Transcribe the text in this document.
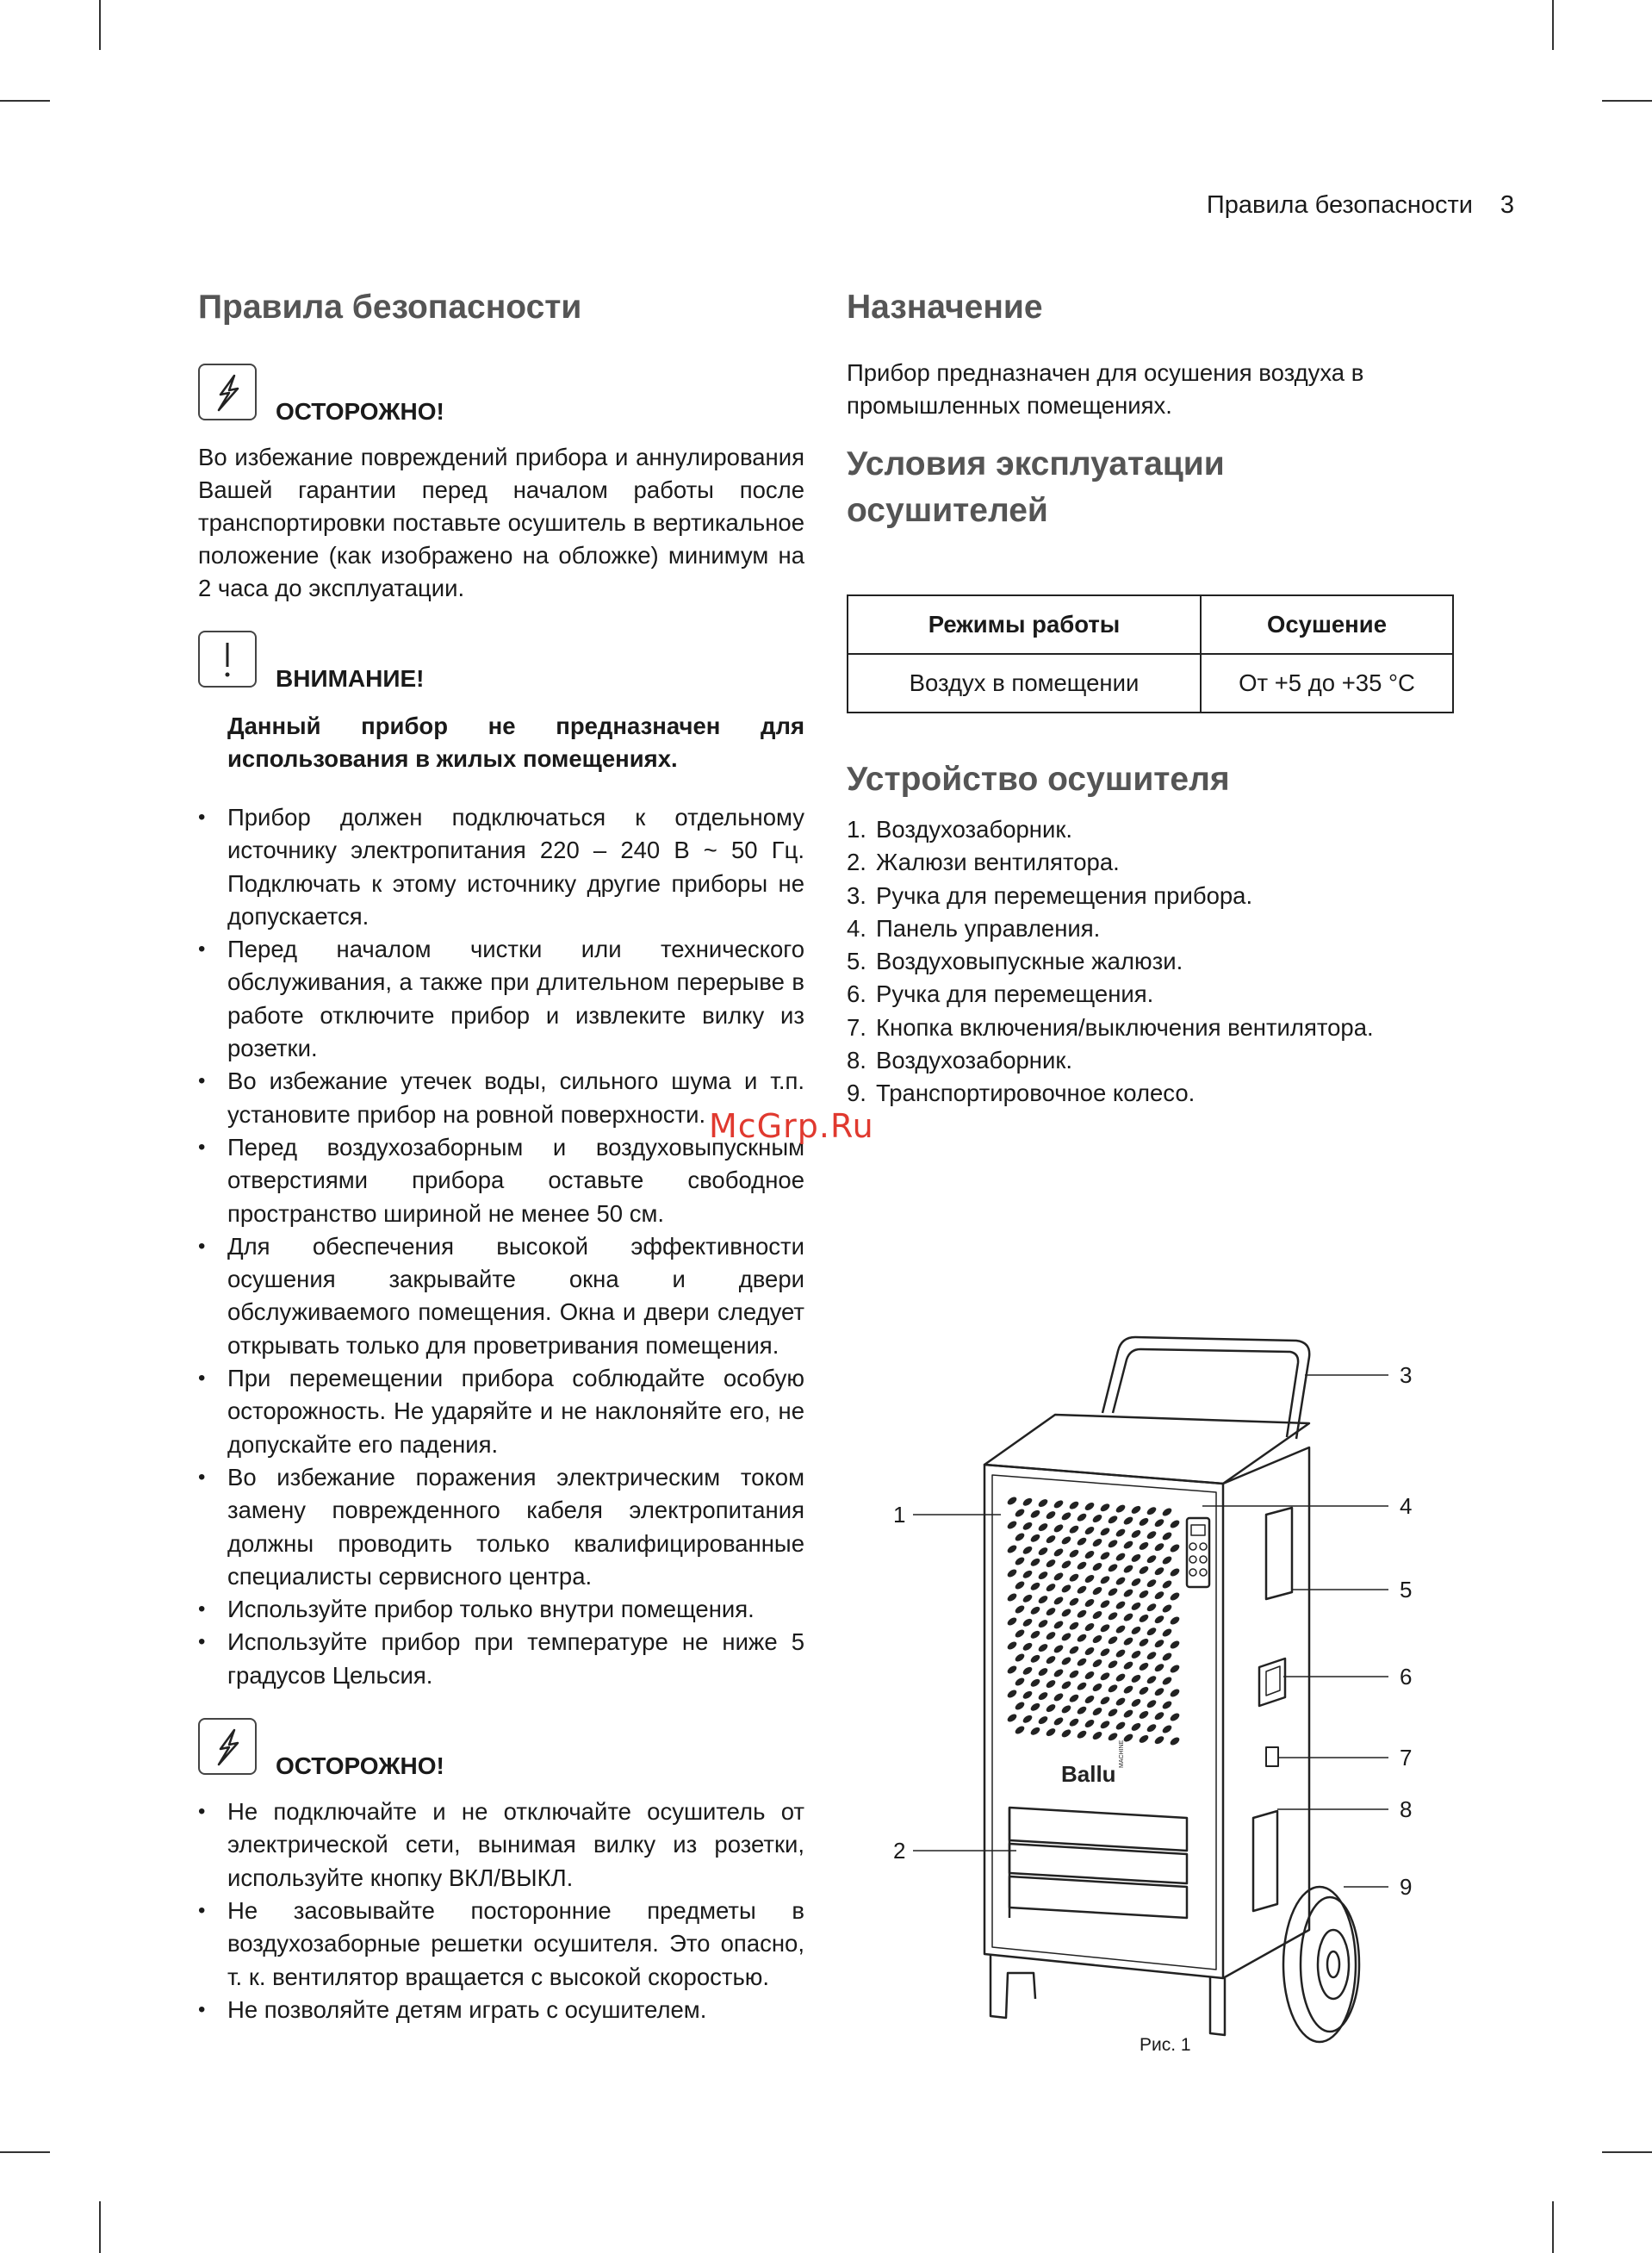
Правила безопасности 3
Правила безопасности
ОСТОРОЖНО!

Во избежание повреждений прибора и аннулирования Вашей гарантии перед началом работы после транспортировки поставьте осушитель в вертикальное положение (как изображено на обложке) минимум на 2 часа до эксплуатации.

ВНИМАНИЕ!

Данный прибор не предназначен для использования в жилых помещениях.

• Прибор должен подключаться к отдельному источнику электропитания 220 – 240 В ~ 50 Гц. Подключать к этому источнику другие приборы не допускается.
• Перед началом чистки или технического обслуживания, а также при длительном перерыве в работе отключите прибор и извлеките вилку из розетки.
• Во избежание утечек воды, сильного шума и т.п. установите прибор на ровной поверхности.
• Перед воздухозаборным и воздуховыпускным отверстиями прибора оставьте свободное пространство шириной не менее 50 см.
• Для обеспечения высокой эффективности осушения закрывайте окна и двери обслуживаемого помещения. Окна и двери следует открывать только для проветривания помещения.
• При перемещении прибора соблюдайте особую осторожность. Не ударяйте и не наклоняйте его, не допускайте его падения.
• Во избежание поражения электрическим током замену поврежденного кабеля электропитания должны проводить только квалифицированные специалисты сервисного центра.
• Используйте прибор только внутри помещения.
• Используйте прибор при температуре не ниже 5 градусов Цельсия.
ОСТОРОЖНО!
• Не подключайте и не отключайте осушитель от электрической сети, вынимая вилку из розетки, используйте кнопку ВКЛ/ВЫКЛ.
• Не засовывайте посторонние предметы в воздухозаборные решетки осушителя. Это опасно, т. к. вентилятор вращается с высокой скоростью.
• Не позволяйте детям играть с осушителем.
Назначение

Прибор предназначен для осушения воздуха в промышленных помещениях.

Условия эксплуатации осушителей
Режимы работы	Осушение
Воздух в помещении	От +5 до +35 °C
Устройство осушителя
1. Воздухозаборник.
2. Жалюзи вентилятора.
3. Ручка для перемещения прибора.
4. Панель управления.
5. Воздуховыпускные жалюзи.
6. Ручка для перемещения.
7. Кнопка включения/выключения вентилятора.
8. Воздухозаборник.
9. Транспортировочное колесо.
Ballu
MACHINE
1
2
3
4
5
6
7
8
9
Рис. 1
McGrp.Ru
